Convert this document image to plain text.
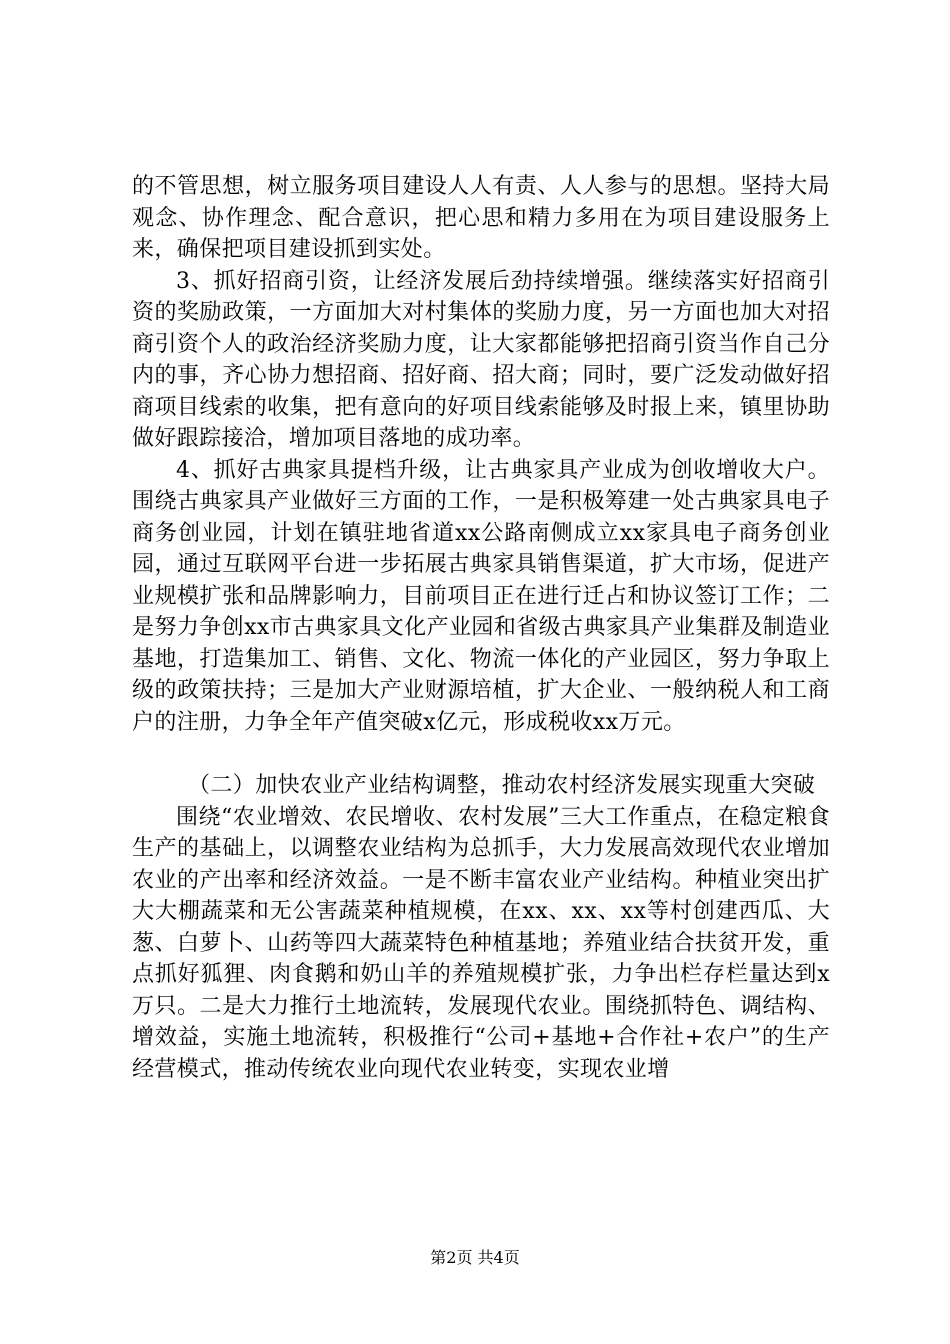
的不管思想，树立服务项目建设人人有责、人人参与的思想。坚持大局观念、协作理念、配合意识，把心思和精力多用在为项目建设服务上来，确保把项目建设抓到实处。

3、抓好招商引资，让经济发展后劲持续增强。继续落实好招商引资的奖励政策，一方面加大对村集体的奖励力度，另一方面也加大对招商引资个人的政治经济奖励力度，让大家都能够把招商引资当作自己分内的事，齐心协力想招商、招好商、招大商；同时，要广泛发动做好招商项目线索的收集，把有意向的好项目线索能够及时报上来，镇里协助做好跟踪接洽，增加项目落地的成功率。

4、抓好古典家具提档升级，让古典家具产业成为创收增收大户。围绕古典家具产业做好三方面的工作，一是积极筹建一处古典家具电子商务创业园，计划在镇驻地省道xx公路南侧成立xx家具电子商务创业园，通过互联网平台进一步拓展古典家具销售渠道，扩大市场，促进产业规模扩张和品牌影响力，目前项目正在进行迁占和协议签订工作；二是努力争创xx市古典家具文化产业园和省级古典家具产业集群及制造业基地，打造集加工、销售、文化、物流一体化的产业园区，努力争取上级的政策扶持；三是加大产业财源培植，扩大企业、一般纳税人和工商户的注册，力争全年产值突破x亿元，形成税收xx万元。

（二）加快农业产业结构调整，推动农村经济发展实现重大突破

围绕“农业增效、农民增收、农村发展”三大工作重点，在稳定粮食生产的基础上，以调整农业结构为总抓手，大力发展高效现代农业增加农业的产出率和经济效益。一是不断丰富农业产业结构。种植业突出扩大大棚蔬菜和无公害蔬菜种植规模，在xx、xx、xx等村创建西瓜、大葱、白萝卜、山药等四大蔬菜特色种植基地；养殖业结合扶贫开发，重点抓好狐狸、肉食鹅和奶山羊的养殖规模扩张，力争出栏存栏量达到x万只。二是大力推行土地流转，发展现代农业。围绕抓特色、调结构、增效益，实施土地流转，积极推行“公司+基地+合作社+农户”的生产经营模式，推动传统农业向现代农业转变，实现农业增

第2页 共4页
